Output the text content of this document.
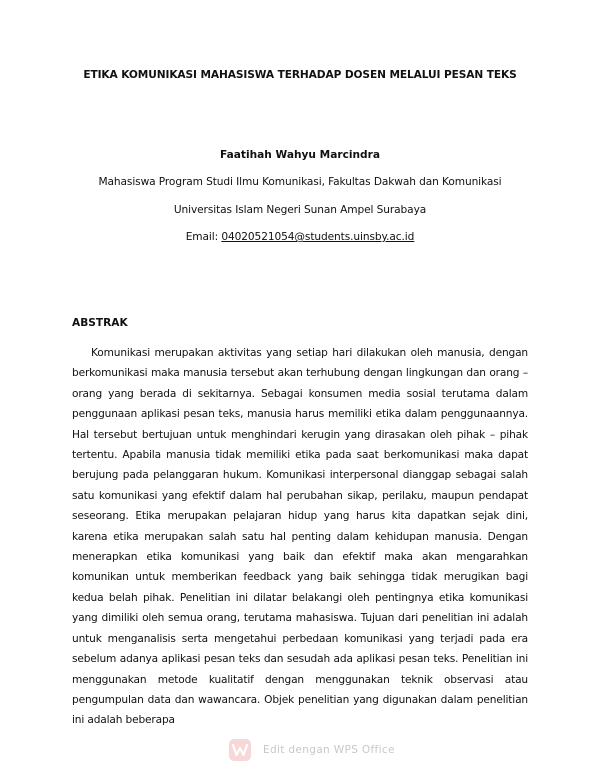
ETIKA KOMUNIKASI MAHASISWA TERHADAP DOSEN MELALUI PESAN TEKS
Faatihah Wahyu Marcindra
Mahasiswa Program Studi Ilmu Komunikasi, Fakultas Dakwah dan Komunikasi
Universitas Islam Negeri Sunan Ampel Surabaya
Email: 04020521054@students.uinsby.ac.id
ABSTRAK

Komunikasi merupakan aktivitas yang setiap hari dilakukan oleh manusia, dengan berkomunikasi maka manusia tersebut akan terhubung dengan lingkungan dan orang – orang yang berada di sekitarnya. Sebagai konsumen media sosial terutama dalam penggunaan aplikasi pesan teks, manusia harus memiliki etika dalam penggunaannya. Hal tersebut bertujuan untuk menghindari kerugin yang dirasakan oleh pihak – pihak tertentu. Apabila manusia tidak memiliki etika pada saat berkomunikasi maka dapat berujung pada pelanggaran hukum. Komunikasi interpersonal dianggap sebagai salah satu komunikasi yang efektif dalam hal perubahan sikap, perilaku, maupun pendapat seseorang. Etika merupakan pelajaran hidup yang harus kita dapatkan sejak dini, karena etika merupakan salah satu hal penting dalam kehidupan manusia. Dengan menerapkan etika komunikasi yang baik dan efektif maka akan mengarahkan komunikan untuk memberikan feedback yang baik sehingga tidak merugikan bagi kedua belah pihak. Penelitian ini dilatar belakangi oleh pentingnya etika komunikasi yang dimiliki oleh semua orang, terutama mahasiswa. Tujuan dari penelitian ini adalah untuk menganalisis serta mengetahui perbedaan komunikasi yang terjadi pada era sebelum adanya aplikasi pesan teks dan sesudah ada aplikasi pesan teks. Penelitian ini menggunakan metode kualitatif dengan menggunakan teknik observasi atau pengumpulan data dan wawancara. Objek penelitian yang digunakan dalam penelitian ini adalah beberapa

Edit dengan WPS Office
